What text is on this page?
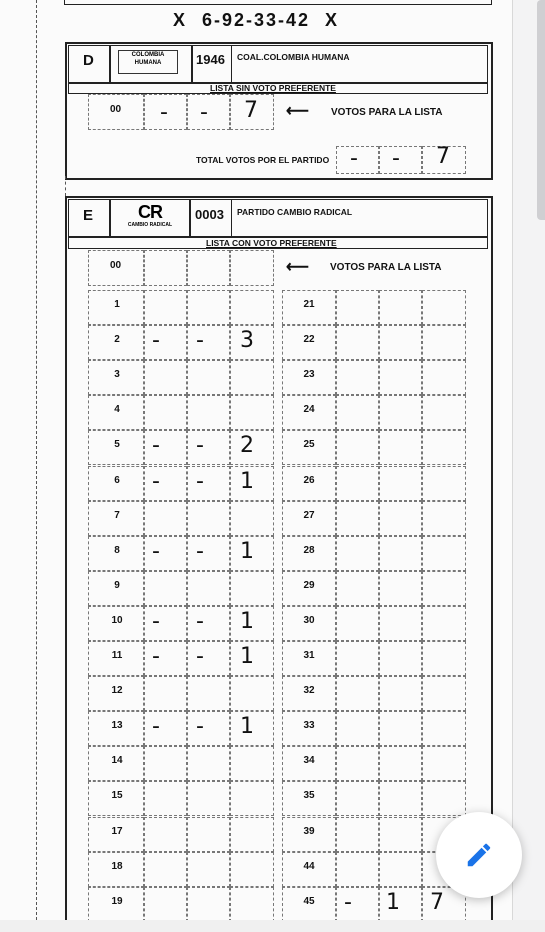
X 6-92-33-42 X
D	COLOMBIA HUMANA	1946 COAL.COLOMBIA HUMANA
LISTA SIN VOTO PREFERENTE
00 - - 7 ⟵ VOTOS PARA LA LISTA
TOTAL VOTOS POR EL PARTIDO - - 7
E	CR
CAMBIO RADICAL
0003 PARTIDO CAMBIO RADICAL
LISTA CON VOTO PREFERENTE
00	⟵ VOTOS PARA LA LISTA
1	21
2	- - 3	22
3	23
4	24
5	- - 2	25
6	- - 1	26
7	27
8	- - 1	28
9	29
10	- - 1	30
11	- - 1	31
12	32
13	- - 1	33
14	34
15	35
17	39
18	44
19	45	- 1 7
